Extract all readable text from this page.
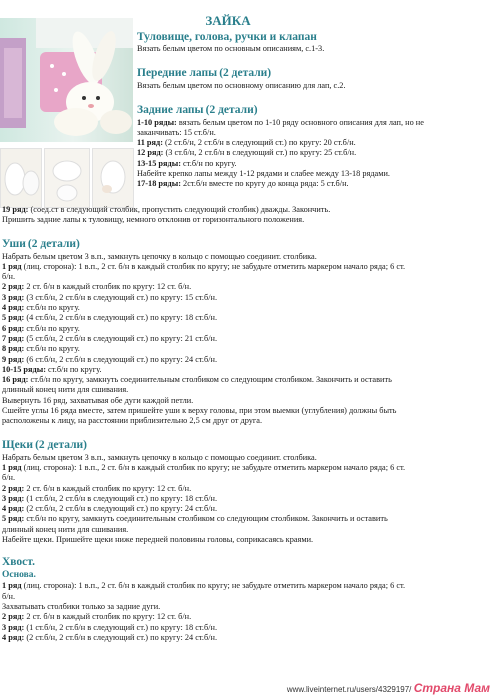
ЗАЙКА
Туловище, голова, ручки и клапан
Вязать белым цветом по основным описаниям, с.1-3.
Передние лапы (2 детали)
Вязать белым цветом по основному описанию для лап, с.2.
Задние лапы (2 детали)
1-10 ряды: вязать белым цветом по 1-10 ряду основного описания для лап, но не
заканчивать: 15 ст.б/н.
11 ряд: (2 ст.б/н, 2 ст.б/н в следующий ст.) по кругу: 20 ст.б/н.
12 ряд: (3 ст.б/н, 2 ст.б/н в следующий ст.) по кругу: 25 ст.б/н.
13-15 ряды: ст.б/н по кругу.
Набейте крепко лапы между 1-12 рядами и слабее между 13-18 рядами.
17-18 ряды: 2ст.б/н вместе по кругу до конца ряда: 5 ст.б/н.
19 ряд: (соед.ст в следующий столбик, пропустить следующий столбик) дважды. Закончить.
Пришить задние лапы к туловищу, немного отклонив от горизонтального положения.
Уши (2 детали)
Набрать белым цветом 3 в.п., замкнуть цепочку в кольцо с помощью соединит. столбика.
1 ряд (лиц. сторона): 1 в.п., 2 ст. б/н в каждый столбик по кругу; не забудьте отметить маркером начало ряда; 6 ст.
б/н.
2 ряд: 2 ст. б/н в каждый столбик по кругу: 12 ст. б/н.
3 ряд: (3 ст.б/н, 2 ст.б/н в следующий ст.) по кругу: 15 ст.б/н.
4 ряд: ст.б/н по кругу.
5 ряд: (4 ст.б/н, 2 ст.б/н в следующий ст.) по кругу: 18 ст.б/н.
6 ряд: ст.б/н по кругу.
7 ряд: (5 ст.б/н, 2 ст.б/н в следующий ст.) по кругу: 21 ст.б/н.
8 ряд: ст.б/н по кругу.
9 ряд: (6 ст.б/н, 2 ст.б/н в следующий ст.) по кругу: 24 ст.б/н.
10-15 ряды: ст.б/н по кругу.
16 ряд: ст.б/н по кругу, замкнуть соединительным столбиком со следующим столбиком. Закончить и оставить
длинный конец нити для сшивания.
Вывернуть 16 ряд, захватывая обе дуги каждой петли.
Сшейте углы 16 ряда вместе, затем пришейте уши к верху головы, при этом выемки (углубления) должны быть
расположены к лицу, на расстоянии приблизительно 2,5 см друг от друга.
Щеки (2 детали)
Набрать белым цветом 3 в.п., замкнуть цепочку в кольцо с помощью соединит. столбика.
1 ряд (лиц. сторона): 1 в.п., 2 ст. б/н в каждый столбик по кругу; не забудьте отметить маркером начало ряда; 6 ст.
б/н.
2 ряд: 2 ст. б/н в каждый столбик по кругу: 12 ст. б/н.
3 ряд: (1 ст.б/н, 2 ст.б/н в следующий ст.) по кругу: 18 ст.б/н.
4 ряд: (2 ст.б/н, 2 ст.б/н в следующий ст.) по кругу: 24 ст.б/н.
5 ряд: ст.б/н по кругу, замкнуть соединительным столбиком со следующим столбиком. Закончить и оставить
длинный конец нити для сшивания.
Набейте щеки. Пришейте щеки ниже передней половины головы, соприкасаясь краями.
Хвост.
Основа.
1 ряд (лиц. сторона): 1 в.п., 2 ст. б/н в каждый столбик по кругу; не забудьте отметить маркером начало ряда; 6 ст.
б/н.
Захватывать столбики только за задние дуги.
2 ряд: 2 ст. б/н в каждый столбик по кругу: 12 ст. б/н.
3 ряд: (1 ст.б/н, 2 ст.б/н в следующий ст.) по кругу: 18 ст.б/н.
4 ряд: (2 ст.б/н, 2 ст.б/н в следующий ст.) по кругу: 24 ст.б/н.
www.liveinternet.ru/users/4329197/ Страна Мам
